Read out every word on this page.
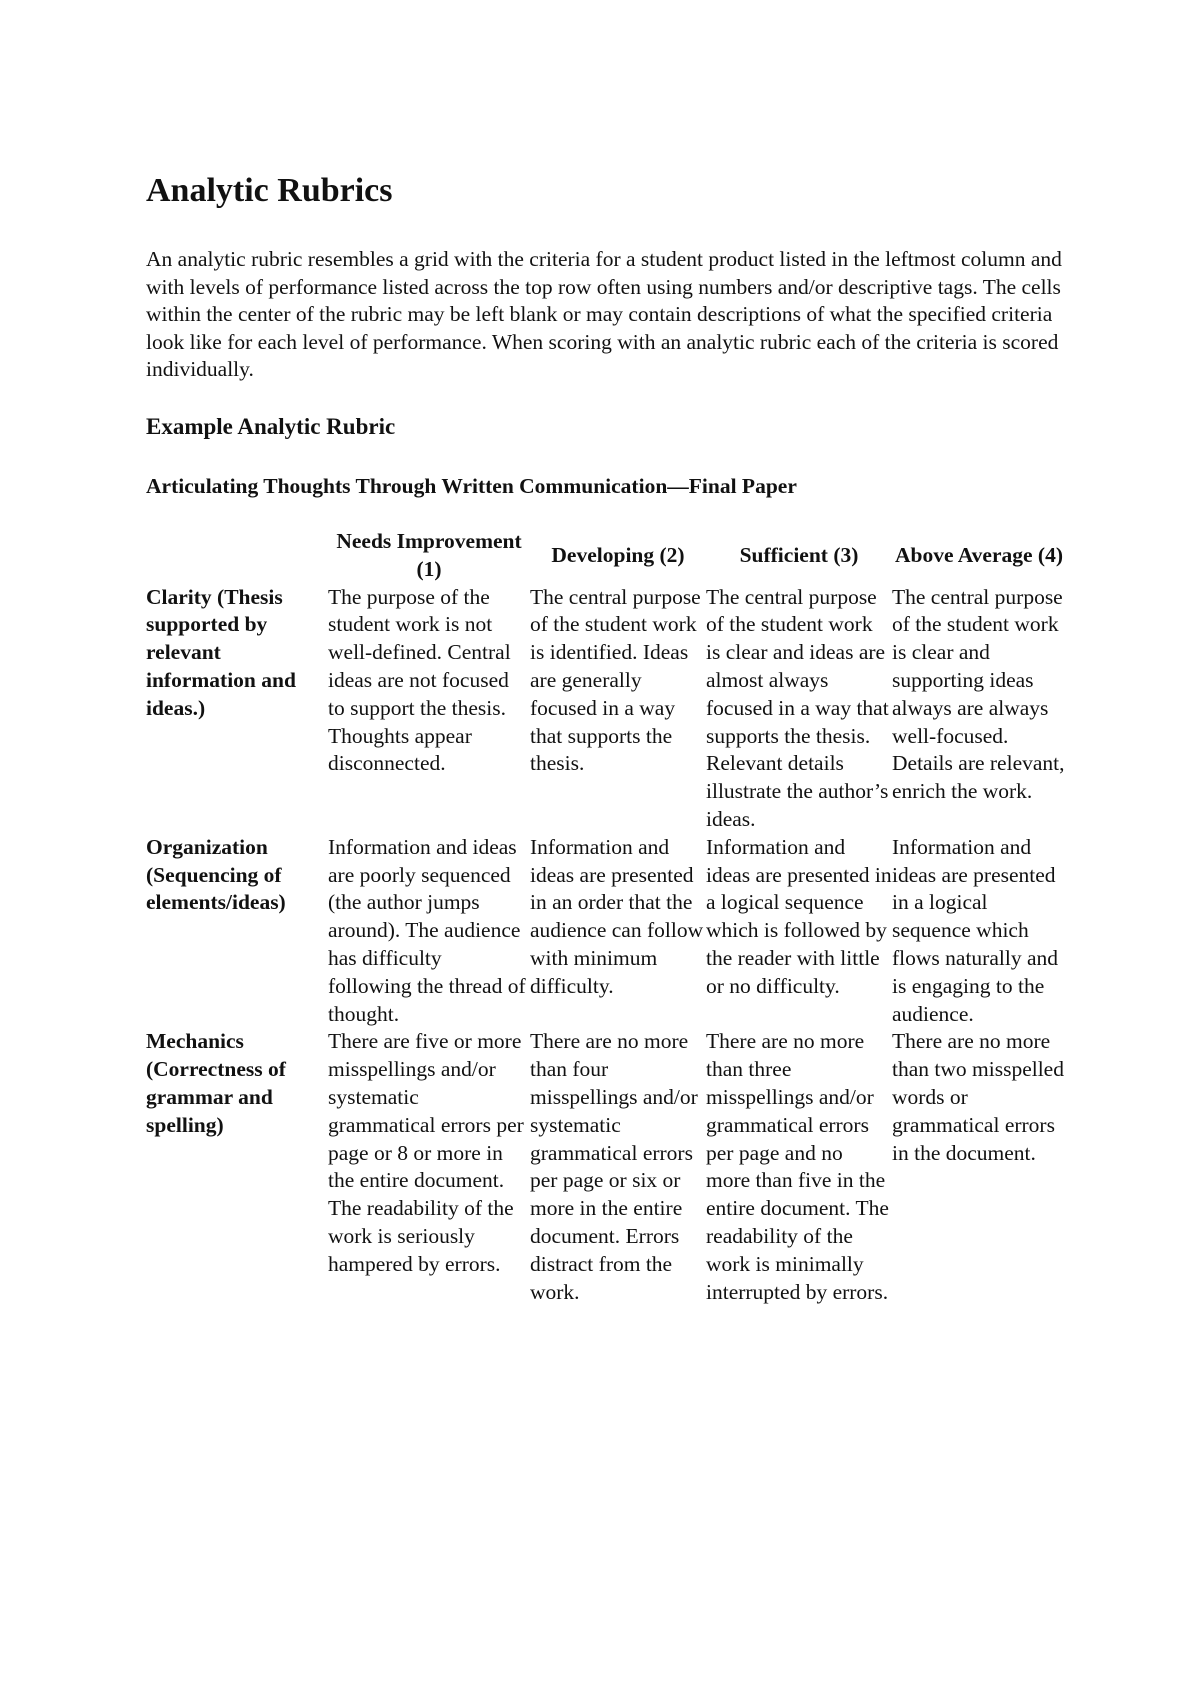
Analytic Rubrics

An analytic rubric resembles a grid with the criteria for a student product listed in the leftmost column and with levels of performance listed across the top row often using numbers and/or descriptive tags. The cells within the center of the rubric may be left blank or may contain descriptions of what the specified criteria look like for each level of performance. When scoring with an analytic rubric each of the criteria is scored individually.

Example Analytic Rubric
Articulating Thoughts Through Written Communication—Final Paper
	Needs Improvement (1)	Developing (2)	Sufficient (3)	Above Average (4)
Clarity (Thesis supported by relevant information and ideas.)	The purpose of the student work is not well-defined. Central ideas are not focused to support the thesis. Thoughts appear disconnected.	The central purpose of the student work is identified. Ideas are generally focused in a way that supports the thesis.	The central purpose of the student work is clear and ideas are almost always focused in a way that supports the thesis. Relevant details illustrate the author’s ideas.	The central purpose of the student work is clear and supporting ideas always are always well-focused. Details are relevant, enrich the work.
Organization (Sequencing of elements/ideas)	Information and ideas are poorly sequenced (the author jumps around). The audience has difficulty following the thread of thought.	Information and ideas are presented in an order that the audience can follow with minimum difficulty.	Information and ideas are presented in a logical sequence which is followed by the reader with little or no difficulty.	Information and ideas are presented in a logical sequence which flows naturally and is engaging to the audience.
Mechanics (Correctness of grammar and spelling)	There are five or more misspellings and/or systematic grammatical errors per page or 8 or more in the entire document. The readability of the work is seriously hampered by errors.	There are no more than four misspellings and/or systematic grammatical errors per page or six or more in the entire document. Errors distract from the work.	There are no more than three misspellings and/or grammatical errors per page and no more than five in the entire document. The readability of the work is minimally interrupted by errors.	There are no more than two misspelled words or grammatical errors in the document.
